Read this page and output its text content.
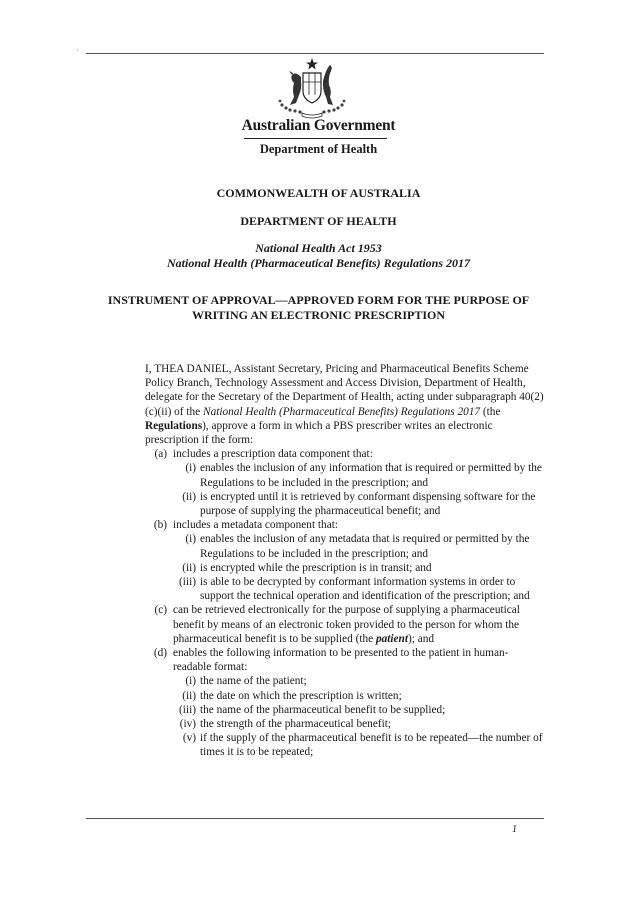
·
Australian Government
Department of Health
COMMONWEALTH OF AUSTRALIA
DEPARTMENT OF HEALTH
National Health Act 1953
National Health (Pharmaceutical Benefits) Regulations 2017
INSTRUMENT OF APPROVAL—APPROVED FORM FOR THE PURPOSE OF WRITING AN ELECTRONIC PRESCRIPTION

I, THEA DANIEL, Assistant Secretary, Pricing and Pharmaceutical Benefits Scheme Policy Branch, Technology Assessment and Access Division, Department of Health, delegate for the Secretary of the Department of Health, acting under subparagraph 40(2)(c)(ii) of the National Health (Pharmaceutical Benefits) Regulations 2017 (the Regulations), approve a form in which a PBS prescriber writes an electronic prescription if the form:

(a) includes a prescription data component that:
(i) enables the inclusion of any information that is required or permitted by the Regulations to be included in the prescription; and
(ii) is encrypted until it is retrieved by conformant dispensing software for the purpose of supplying the pharmaceutical benefit; and
(b) includes a metadata component that:
(i) enables the inclusion of any metadata that is required or permitted by the Regulations to be included in the prescription; and
(ii) is encrypted while the prescription is in transit; and
(iii) is able to be decrypted by conformant information systems in order to support the technical operation and identification of the prescription; and
(c) can be retrieved electronically for the purpose of supplying a pharmaceutical benefit by means of an electronic token provided to the person for whom the pharmaceutical benefit is to be supplied (the patient); and
(d) enables the following information to be presented to the patient in human-readable format:
(i) the name of the patient;
(ii) the date on which the prescription is written;
(iii) the name of the pharmaceutical benefit to be supplied;
(iv) the strength of the pharmaceutical benefit;
(v) if the supply of the pharmaceutical benefit is to be repeated—the number of times it is to be repeated;
1
